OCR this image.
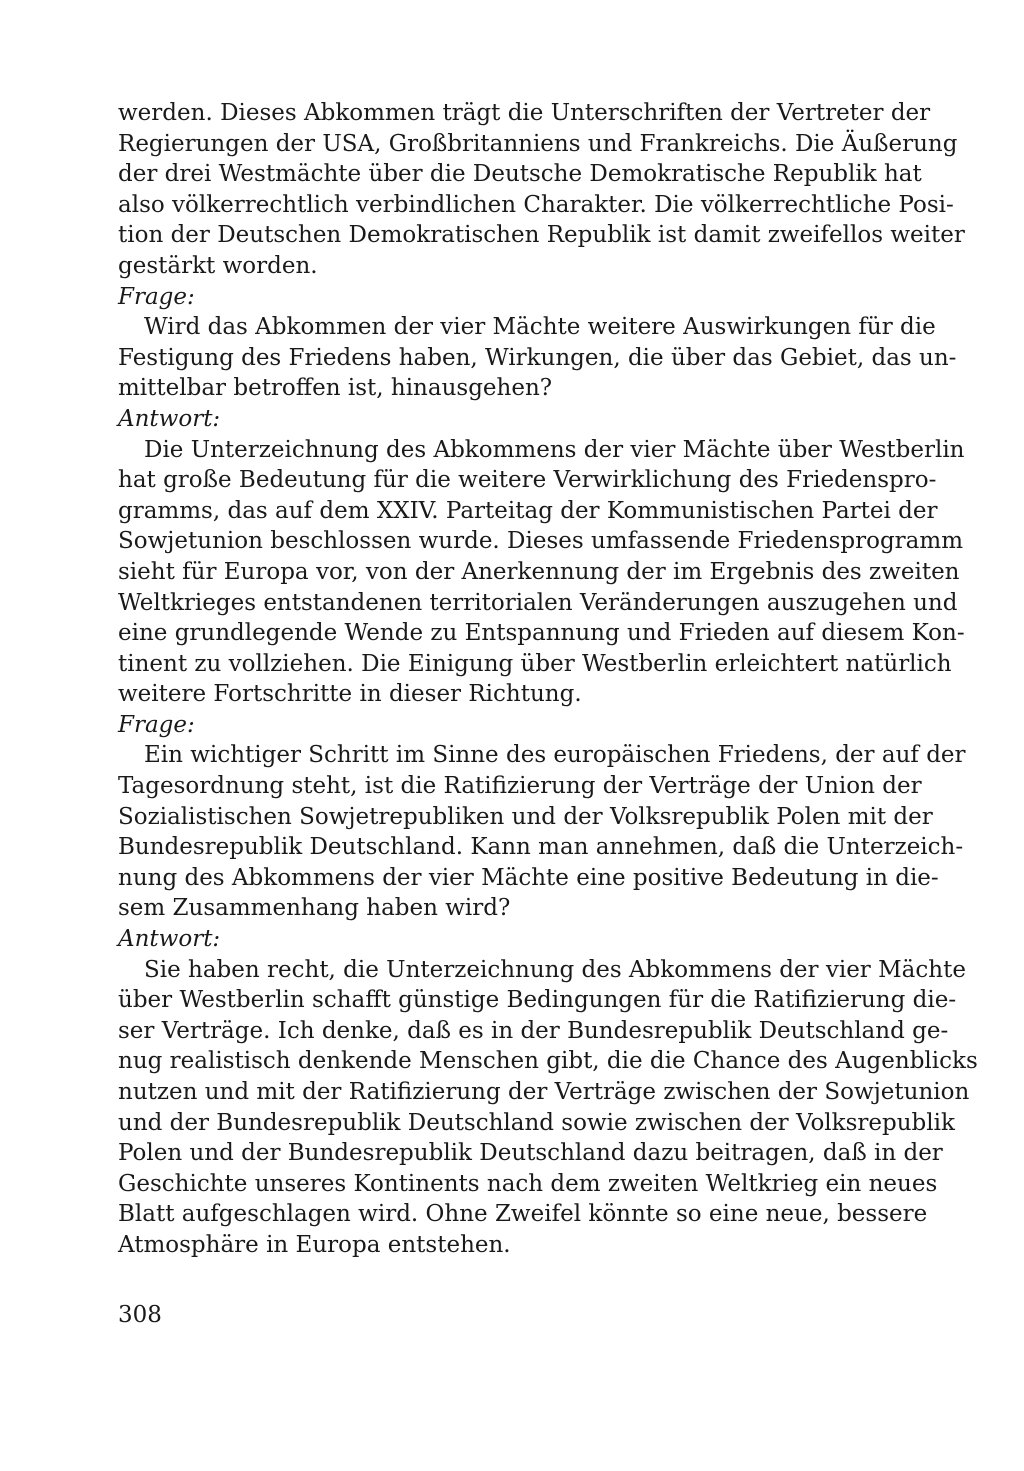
werden. Dieses Abkommen trägt die Unterschriften der Vertreter der
Regierungen der USA, Großbritanniens und Frankreichs. Die Äußerung
der drei Westmächte über die Deutsche Demokratische Republik hat
also völkerrechtlich verbindlichen Charakter. Die völkerrechtliche Posi-
tion der Deutschen Demokratischen Republik ist damit zweifellos weiter
gestärkt worden.
Frage:
Wird das Abkommen der vier Mächte weitere Auswirkungen für die
Festigung des Friedens haben, Wirkungen, die über das Gebiet, das un-
mittelbar betroffen ist, hinausgehen?
Antwort:
Die Unterzeichnung des Abkommens der vier Mächte über Westberlin
hat große Bedeutung für die weitere Verwirklichung des Friedenspro-
gramms, das auf dem XXIV. Parteitag der Kommunistischen Partei der
Sowjetunion beschlossen wurde. Dieses umfassende Friedensprogramm
sieht für Europa vor, von der Anerkennung der im Ergebnis des zweiten
Weltkrieges entstandenen territorialen Veränderungen auszugehen und
eine grundlegende Wende zu Entspannung und Frieden auf diesem Kon-
tinent zu vollziehen. Die Einigung über Westberlin erleichtert natürlich
weitere Fortschritte in dieser Richtung.
Frage:
Ein wichtiger Schritt im Sinne des europäischen Friedens, der auf der
Tagesordnung steht, ist die Ratifizierung der Verträge der Union der
Sozialistischen Sowjetrepubliken und der Volksrepublik Polen mit der
Bundesrepublik Deutschland. Kann man annehmen, daß die Unterzeich-
nung des Abkommens der vier Mächte eine positive Bedeutung in die-
sem Zusammenhang haben wird?
Antwort:
Sie haben recht, die Unterzeichnung des Abkommens der vier Mächte
über Westberlin schafft günstige Bedingungen für die Ratifizierung die-
ser Verträge. Ich denke, daß es in der Bundesrepublik Deutschland ge-
nug realistisch denkende Menschen gibt, die die Chance des Augenblicks
nutzen und mit der Ratifizierung der Verträge zwischen der Sowjetunion
und der Bundesrepublik Deutschland sowie zwischen der Volksrepublik
Polen und der Bundesrepublik Deutschland dazu beitragen, daß in der
Geschichte unseres Kontinents nach dem zweiten Weltkrieg ein neues
Blatt aufgeschlagen wird. Ohne Zweifel könnte so eine neue, bessere
Atmosphäre in Europa entstehen.
308
